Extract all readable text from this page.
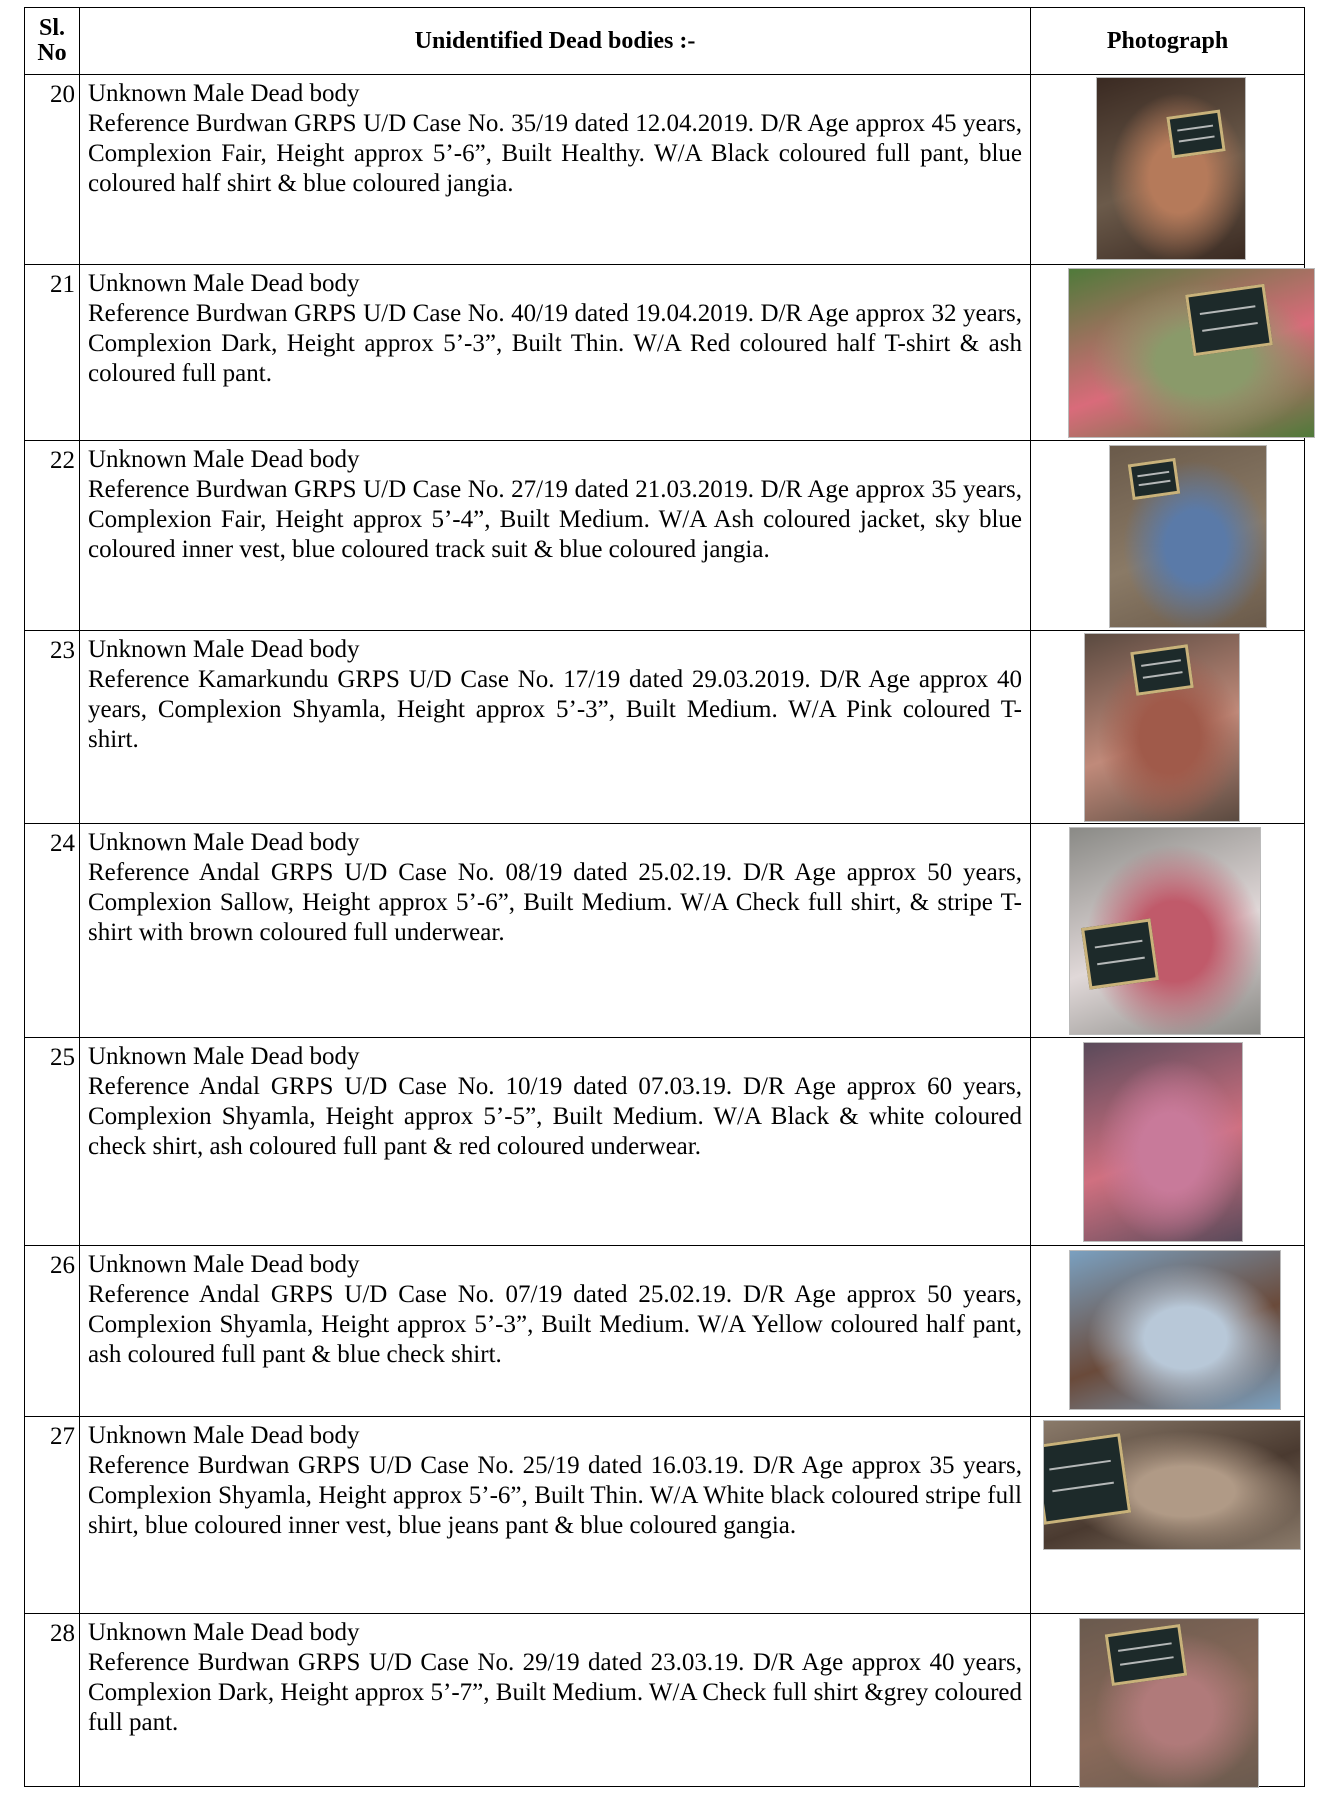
Sl.
No	Unidentified Dead bodies :-	Photograph
20	Unknown Male Dead body
Reference Burdwan GRPS U/D Case No. 35/19 dated 12.04.2019. D/R Age approx 45 years, Complexion Fair, Height approx 5’-6”, Built Healthy. W/A Black coloured full pant, blue coloured half shirt & blue coloured jangia.	

21	Unknown Male Dead body
Reference Burdwan GRPS U/D Case No. 40/19 dated 19.04.2019. D/R Age approx 32 years, Complexion Dark, Height approx 5’-3”, Built Thin. W/A Red coloured half T-shirt & ash coloured full pant.	

22	Unknown Male Dead body
Reference Burdwan GRPS U/D Case No. 27/19 dated 21.03.2019. D/R Age approx 35 years, Complexion Fair, Height approx 5’-4”, Built Medium. W/A Ash coloured jacket, sky blue coloured inner vest, blue coloured track suit & blue coloured jangia.	

23	Unknown Male Dead body
Reference Kamarkundu GRPS U/D Case No. 17/19 dated 29.03.2019. D/R Age approx 40 years, Complexion Shyamla, Height approx 5’-3”, Built Medium. W/A Pink coloured T-shirt.	

24	Unknown Male Dead body
Reference Andal GRPS U/D Case No. 08/19 dated 25.02.19. D/R Age approx 50 years, Complexion Sallow, Height approx 5’-6”, Built Medium. W/A Check full shirt, & stripe T-shirt with brown coloured full underwear.	

25	Unknown Male Dead body
Reference Andal GRPS U/D Case No. 10/19 dated 07.03.19. D/R Age approx 60 years, Complexion Shyamla, Height approx 5’-5”, Built Medium. W/A Black & white coloured check shirt, ash coloured full pant & red coloured underwear.	

26	Unknown Male Dead body
Reference Andal GRPS U/D Case No. 07/19 dated 25.02.19. D/R Age approx 50 years, Complexion Shyamla, Height approx 5’-3”, Built Medium. W/A Yellow coloured half pant, ash coloured full pant & blue check shirt.	

27	Unknown Male Dead body
Reference Burdwan GRPS U/D Case No. 25/19 dated 16.03.19. D/R Age approx 35 years, Complexion Shyamla, Height approx 5’-6”, Built Thin. W/A White black coloured stripe full shirt, blue coloured inner vest, blue jeans pant & blue coloured gangia.	

28	Unknown Male Dead body
Reference Burdwan GRPS U/D Case No. 29/19 dated 23.03.19. D/R Age approx 40 years, Complexion Dark, Height approx 5’-7”, Built Medium. W/A Check full shirt &grey coloured full pant.	
